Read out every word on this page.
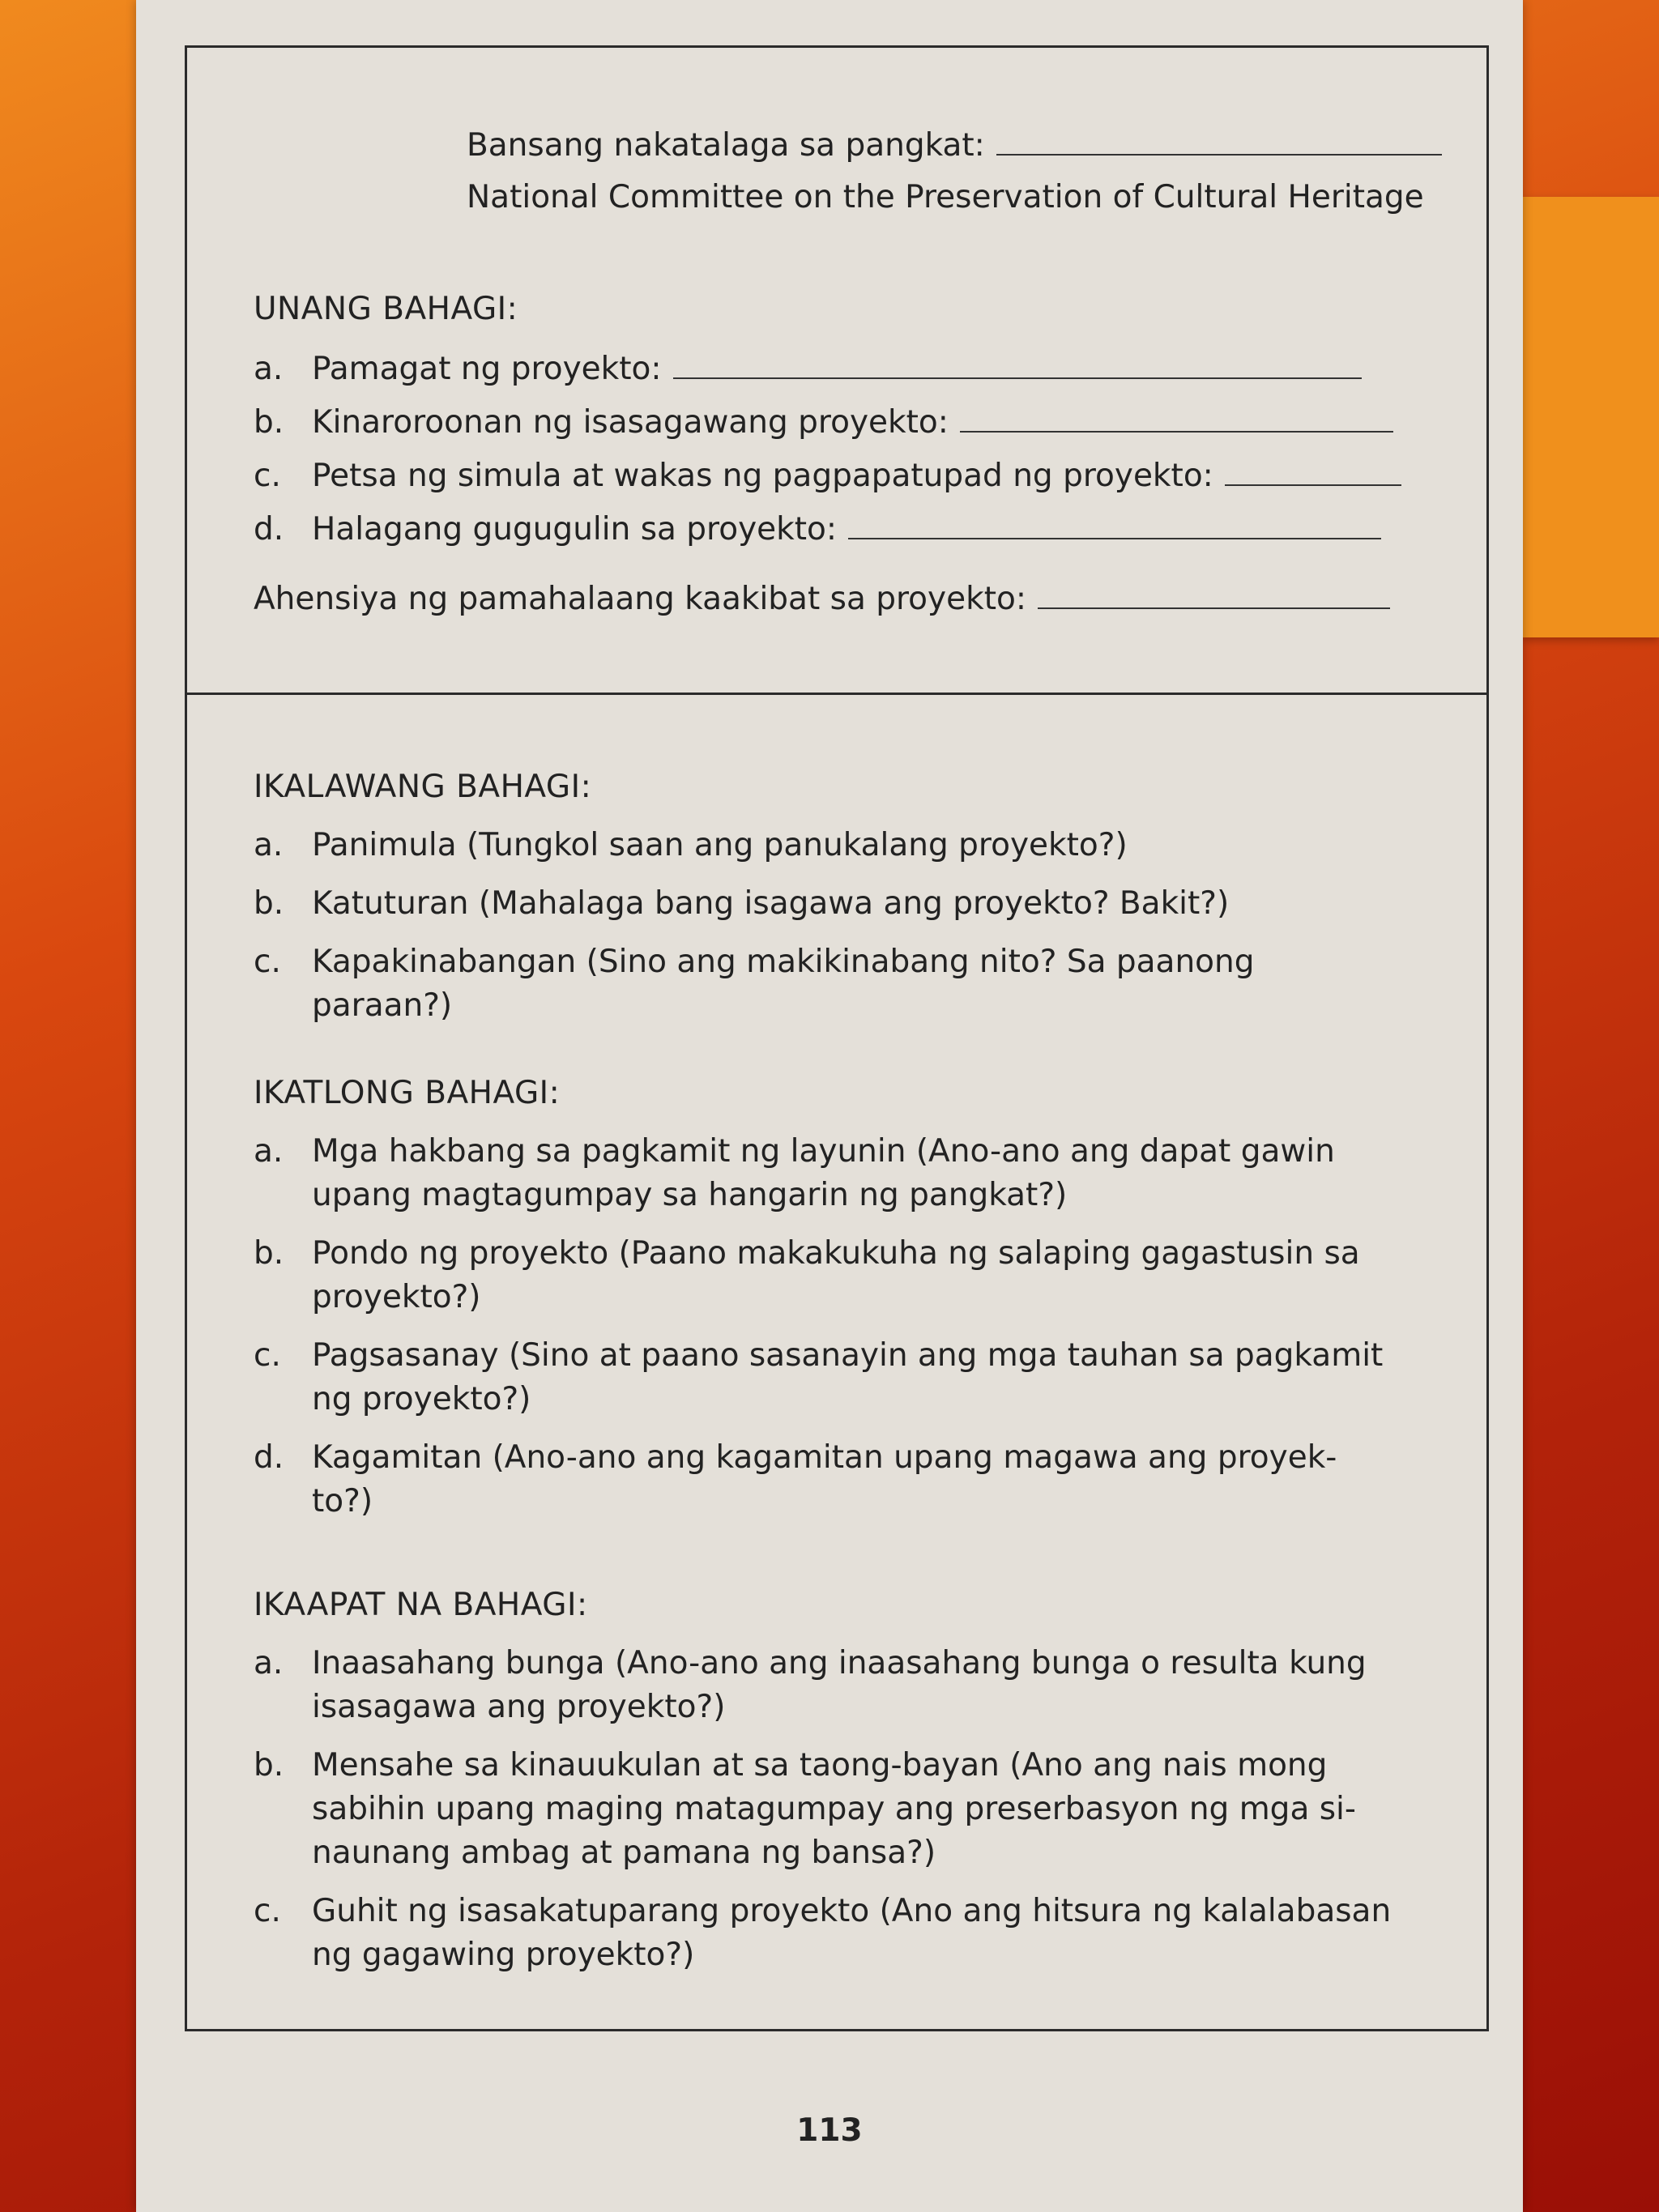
Bansang nakatalaga sa pangkat:
National Committee on the Preservation of Cultural Heritage
UNANG BAHAGI:
a. Pamagat ng proyekto:
b. Kinaroroonan ng isasagawang proyekto:
c. Petsa ng simula at wakas ng pagpapatupad ng proyekto:
d. Halagang gugugulin sa proyekto:
Ahensiya ng pamahalaang kaakibat sa proyekto:
IKALAWANG BAHAGI:
a. Panimula (Tungkol saan ang panukalang proyekto?)
b. Katuturan (Mahalaga bang isagawa ang proyekto? Bakit?)
c. Kapakinabangan (Sino ang makikinabang nito? Sa paanong
paraan?)
IKATLONG BAHAGI:
a. Mga hakbang sa pagkamit ng layunin (Ano-ano ang dapat gawin
upang magtagumpay sa hangarin ng pangkat?)
b. Pondo ng proyekto (Paano makakukuha ng salaping gagastusin sa
proyekto?)
c. Pagsasanay (Sino at paano sasanayin ang mga tauhan sa pagkamit
ng proyekto?)
d. Kagamitan (Ano-ano ang kagamitan upang magawa ang proyek-
to?)
IKAAPAT NA BAHAGI:
a. Inaasahang bunga (Ano-ano ang inaasahang bunga o resulta kung
isasagawa ang proyekto?)
b. Mensahe sa kinauukulan at sa taong-bayan (Ano ang nais mong
sabihin upang maging matagumpay ang preserbasyon ng mga si-
naunang ambag at pamana ng bansa?)
c. Guhit ng isasakatuparang proyekto (Ano ang hitsura ng kalalabasan
ng gagawing proyekto?)
113
